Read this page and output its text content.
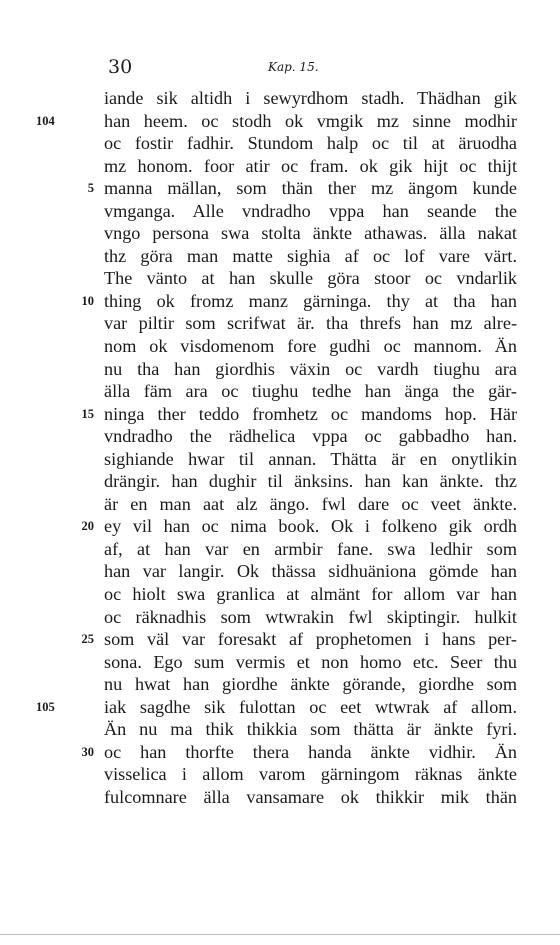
30	Kap. 15.
iande sik altidh i sewyrdhom stadh. Thädhan gik
104	han heem. oc stodh ok vmgik mz sinne modhir
oc fostir fadhir. Stundom halp oc til at äruodha
mz honom. foor atir oc fram. ok gik hijt oc thijt
5 manna mällan, som thän ther mz ängom kunde
vmganga. Alle vndradho vppa han seande the
vngo persona swa stolta änkte athawas. älla nakat
thz göra man matte sighia af oc lof vare värt.
The vänto at han skulle göra stoor oc vndarlik
10 thing ok fromz manz gärninga. thy at tha han
var piltir som scrifwat är. tha threfs han mz alre-
nom ok visdomenom fore gudhi oc mannom. Än
nu tha han giordhis växin oc vardh tiughu ara
älla fäm ara oc tiughu tedhe han änga the gär-
15 ninga ther teddo fromhetz oc mandoms hop. Här
vndradho the rädhelica vppa oc gabbadho han.
sighiande hwar til annan. Thätta är en onytlikin
drängir. han dughir til änksins. han kan änkte. thz
är en man aat alz ängo. fwl dare oc veet änkte.
20 ey vil han oc nima book. Ok i folkeno gik ordh
af, at han var en armbir fane. swa ledhir som
han var langir. Ok thässa sidhuäniona gömde han
oc hiolt swa granlica at almänt for allom var han
oc räknadhis som wtwrakin fwl skiptingir. hulkit
25 som väl var foresakt af prophetomen i hans per-
sona. Ego sum vermis et non homo etc. Seer thu
nu hwat han giordhe änkte görande, giordhe som
105	iak sagdhe sik fulottan oc eet wtwrak af allom.
Än nu ma thik thikkia som thätta är änkte fyri.
30 oc han thorfte thera handa änkte vidhir. Än
visselica i allom varom gärningom räknas änkte
fulcomnare älla vansamare ok thikkir mik thän
